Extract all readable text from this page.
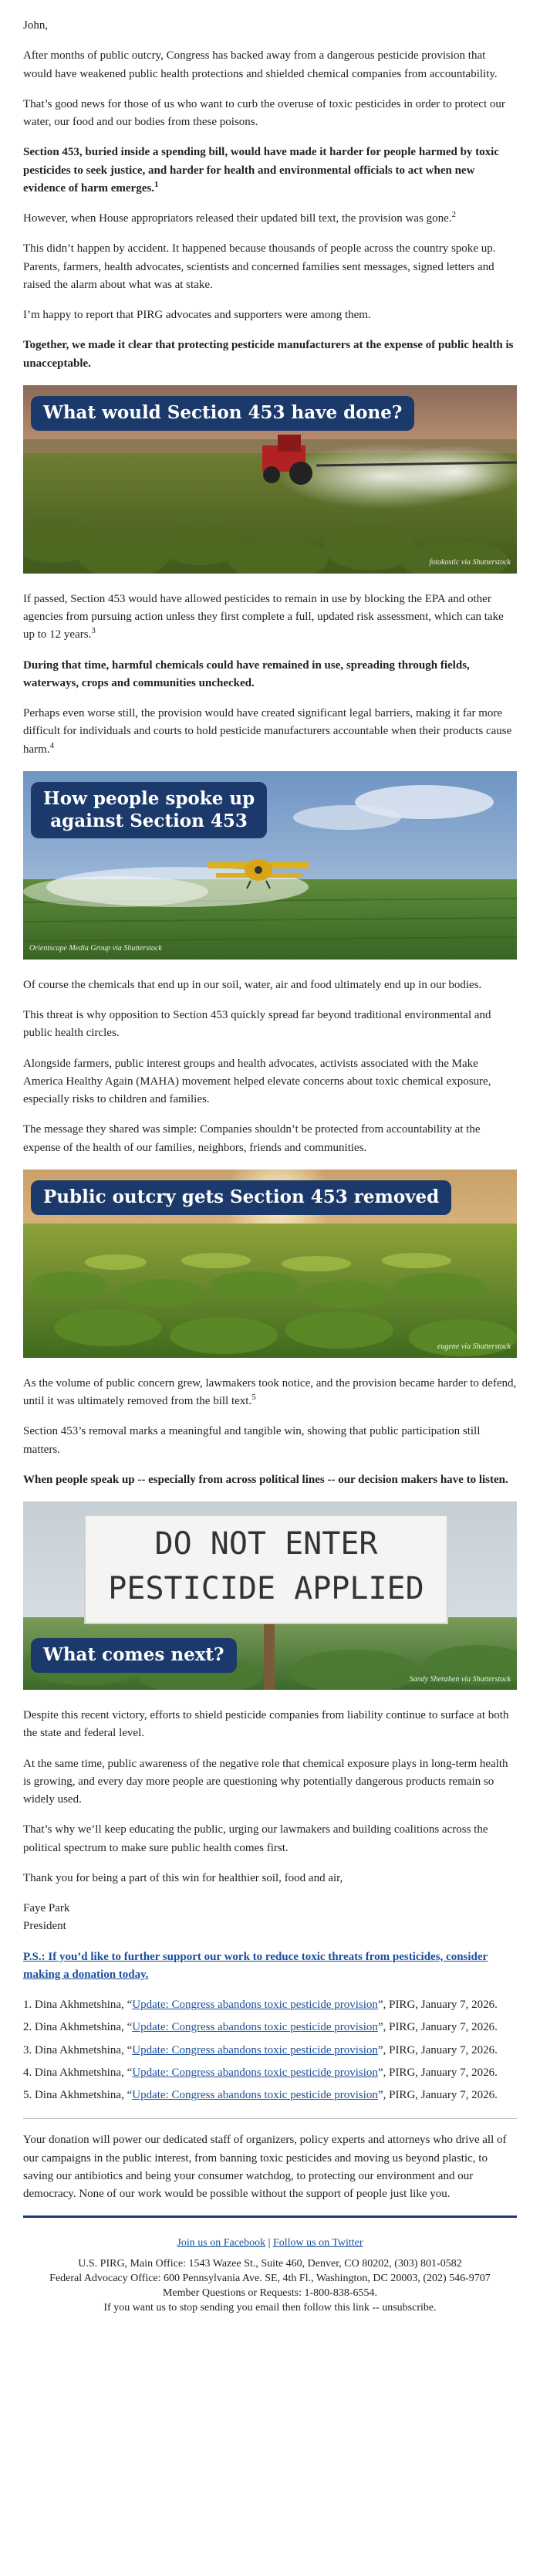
John,

After months of public outcry, Congress has backed away from a dangerous pesticide provision that would have weakened public health protections and shielded chemical companies from accountability.

That’s good news for those of us who want to curb the overuse of toxic pesticides in order to protect our water, our food and our bodies from these poisons.

Section 453, buried inside a spending bill, would have made it harder for people harmed by toxic pesticides to seek justice, and harder for health and environmental officials to act when new evidence of harm emerges.$^1$

However, when House appropriators released their updated bill text, the provision was gone.$^2$

This didn’t happen by accident. It happened because thousands of people across the country spoke up. Parents, farmers, health advocates, scientists and concerned families sent messages, signed letters and raised the alarm about what was at stake.

I’m happy to report that PIRG advocates and supporters were among them.

Together, we made it clear that protecting pesticide manufacturers at the expense of public health is unacceptable.

What would Section 453 have done?
fotokostic via Shutterstock

If passed, Section 453 would have allowed pesticides to remain in use by blocking the EPA and other agencies from pursuing action unless they first complete a full, updated risk assessment, which can take up to 12 years.$^3$

During that time, harmful chemicals could have remained in use, spreading through fields, waterways, crops and communities unchecked.

Perhaps even worse still, the provision would have created significant legal barriers, making it far more difficult for individuals and courts to hold pesticide manufacturers accountable when their products cause harm.$^4$

How people spoke up
against Section 453
Orientscape Media Group via Shutterstock

Of course the chemicals that end up in our soil, water, air and food ultimately end up in our bodies.

This threat is why opposition to Section 453 quickly spread far beyond traditional environmental and public health circles.

Alongside farmers, public interest groups and health advocates, activists associated with the Make America Healthy Again (MAHA) movement helped elevate concerns about toxic chemical exposure, especially risks to children and families.

The message they shared was simple: Companies shouldn’t be protected from accountability at the expense of the health of our families, neighbors, friends and communities.

Public outcry gets Section 453 removed
eugene via Shutterstock

As the volume of public concern grew, lawmakers took notice, and the provision became harder to defend, until it was ultimately removed from the bill text.$^5$

Section 453’s removal marks a meaningful and tangible win, showing that public participation still matters.

When people speak up -- especially from across political lines -- our decision makers have to listen.

DO NOT ENTER
PESTICIDE APPLIED
What comes next?
Sandy Shenzhen via Shutterstock

Despite this recent victory, efforts to shield pesticide companies from liability continue to surface at both the state and federal level.

At the same time, public awareness of the negative role that chemical exposure plays in long-term health is growing, and every day more people are questioning why potentially dangerous products remain so widely used.

That’s why we’ll keep educating the public, urging our lawmakers and building coalitions across the political spectrum to make sure public health comes first.

Thank you for being a part of this win for healthier soil, food and air,

Faye Park
President

P.S.: If you’d like to further support our work to reduce toxic threats from pesticides, consider making a donation today.

1. Dina Akhmetshina, “Update: Congress abandons toxic pesticide provision”, PIRG, January 7, 2026.

2. Dina Akhmetshina, “Update: Congress abandons toxic pesticide provision”, PIRG, January 7, 2026.

3. Dina Akhmetshina, “Update: Congress abandons toxic pesticide provision”, PIRG, January 7, 2026.

4. Dina Akhmetshina, “Update: Congress abandons toxic pesticide provision”, PIRG, January 7, 2026.

5. Dina Akhmetshina, “Update: Congress abandons toxic pesticide provision”, PIRG, January 7, 2026.

Your donation will power our dedicated staff of organizers, policy experts and attorneys who drive all of our campaigns in the public interest, from banning toxic pesticides and moving us beyond plastic, to saving our antibiotics and being your consumer watchdog, to protecting our environment and our democracy. None of our work would be possible without the support of people just like you.

Join us on Facebook | Follow us on Twitter
U.S. PIRG, Main Office: 1543 Wazee St., Suite 460, Denver, CO 80202, (303) 801-0582
Federal Advocacy Office: 600 Pennsylvania Ave. SE, 4th Fl., Washington, DC 20003, (202) 546-9707
Member Questions or Requests: 1-800-838-6554.
If you want us to stop sending you email then follow this link -- unsubscribe.
